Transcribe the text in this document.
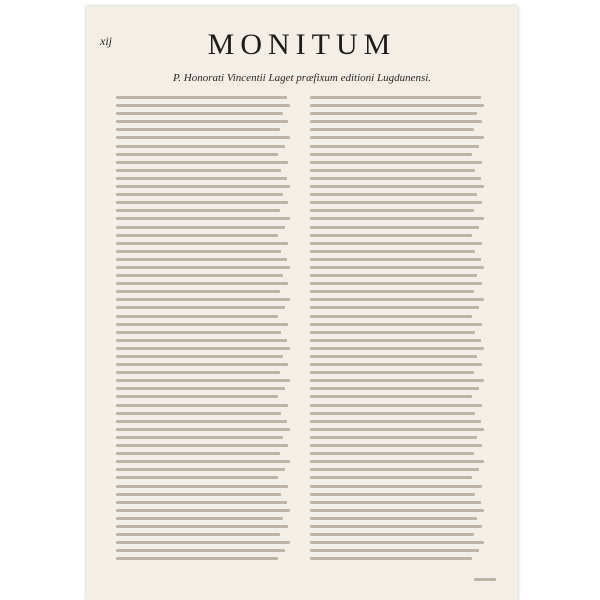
xij	MONITUM
P. Honorati Vincentii Laget præfixum editioni Lugdunensi.
